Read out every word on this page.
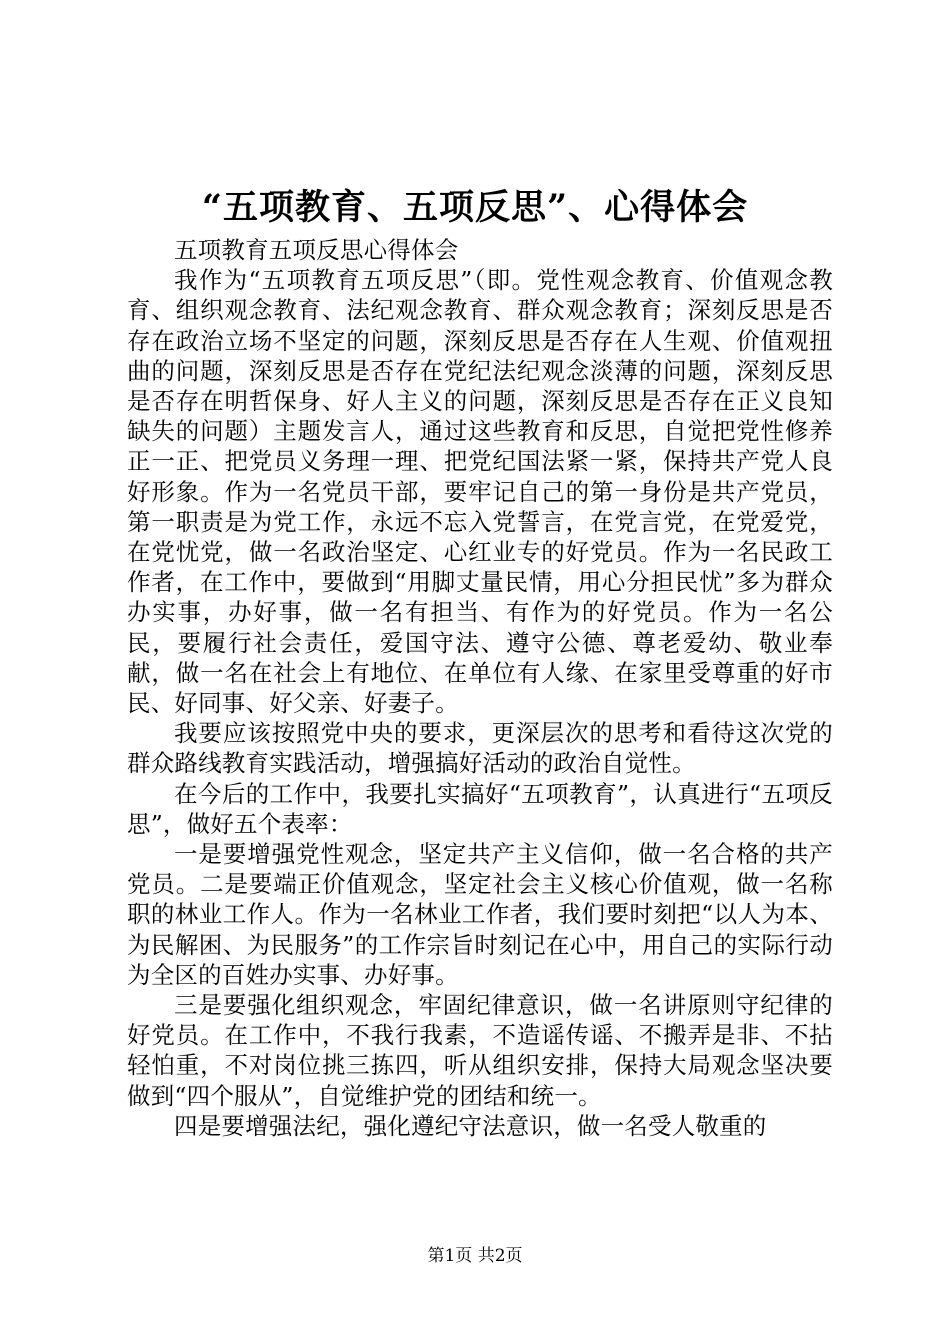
“五项教育、五项反思”、心得体会

五项教育五项反思心得体会

我作为“五项教育五项反思”（即。党性观念教育、价值观念教育、组织观念教育、法纪观念教育、群众观念教育；深刻反思是否存在政治立场不坚定的问题，深刻反思是否存在人生观、价值观扭曲的问题，深刻反思是否存在党纪法纪观念淡薄的问题，深刻反思是否存在明哲保身、好人主义的问题，深刻反思是否存在正义良知缺失的问题）主题发言人，通过这些教育和反思，自觉把党性修养正一正、把党员义务理一理、把党纪国法紧一紧，保持共产党人良好形象。作为一名党员干部，要牢记自己的第一身份是共产党员，第一职责是为党工作，永远不忘入党誓言，在党言党，在党爱党，在党忧党，做一名政治坚定、心红业专的好党员。作为一名民政工作者，在工作中，要做到“用脚丈量民情，用心分担民忧”多为群众办实事，办好事，做一名有担当、有作为的好党员。作为一名公民，要履行社会责任，爱国守法、遵守公德、尊老爱幼、敬业奉献，做一名在社会上有地位、在单位有人缘、在家里受尊重的好市民、好同事、好父亲、好妻子。

我要应该按照党中央的要求，更深层次的思考和看待这次党的群众路线教育实践活动，增强搞好活动的政治自觉性。

在今后的工作中，我要扎实搞好“五项教育”，认真进行“五项反思”，做好五个表率：

一是要增强党性观念，坚定共产主义信仰，做一名合格的共产党员。二是要端正价值观念，坚定社会主义核心价值观，做一名称职的林业工作人。作为一名林业工作者，我们要时刻把“以人为本、为民解困、为民服务”的工作宗旨时刻记在心中，用自己的实际行动为全区的百姓办实事、办好事。

三是要强化组织观念，牢固纪律意识，做一名讲原则守纪律的好党员。在工作中，不我行我素，不造谣传谣、不搬弄是非、不拈轻怕重，不对岗位挑三拣四，听从组织安排，保持大局观念坚决要做到“四个服从”，自觉维护党的团结和统一。

四是要增强法纪，强化遵纪守法意识，做一名受人敬重的

第1页 共2页
